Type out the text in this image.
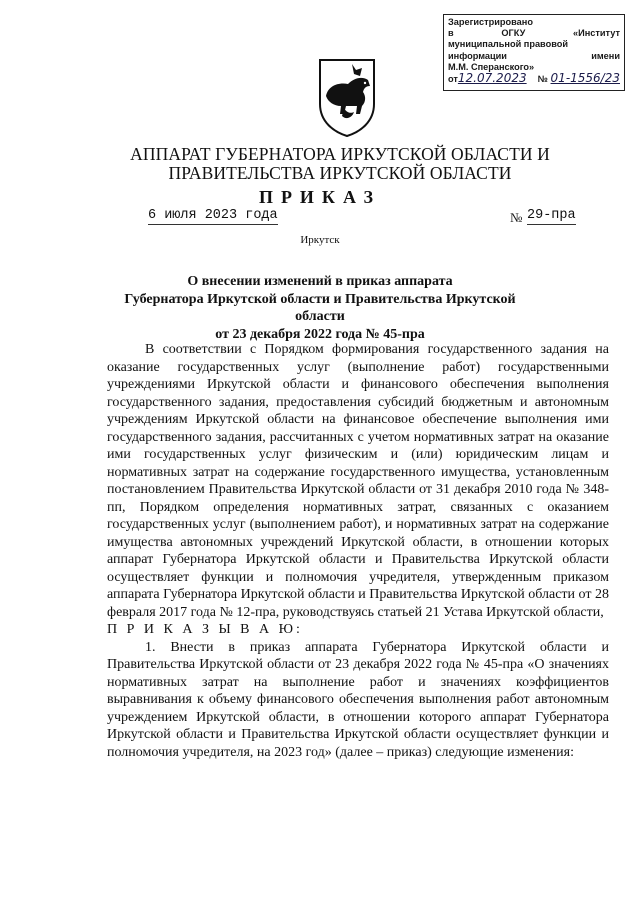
Зарегистрировано
в	ОГКУ	«Институт
муниципальной правовой
информации	имени
М.М. Сперанского»
от12.07.2023 № 01-1556/23
АППАРАТ ГУБЕРНАТОРА ИРКУТСКОЙ ОБЛАСТИ И
ПРАВИТЕЛЬСТВА ИРКУТСКОЙ ОБЛАСТИ
ПРИКАЗ
6 июля 2023 года	№ 29-пра
Иркутск
О внесении изменений в приказ аппарата
Губернатора Иркутской области и Правительства Иркутской области
от 23 декабря 2022 года № 45-пра

В соответствии с Порядком формирования государственного задания на оказание государственных услуг (выполнение работ) государственными учреждениями Иркутской области и финансового обеспечения выполнения государственного задания, предоставления субсидий бюджетным и автономным учреждениям Иркутской области на финансовое обеспечение выполнения ими государственного задания, рассчитанных с учетом нормативных затрат на оказание ими государственных услуг физическим и (или) юридическим лицам и нормативных затрат на содержание государственного имущества, установленным постановлением Правительства Иркутской области от 31 декабря 2010 года № 348-пп, Порядком определения нормативных затрат, связанных с оказанием государственных услуг (выполнением работ), и нормативных затрат на содержание имущества автономных учреждений Иркутской области, в отношении которых аппарат Губернатора Иркутской области и Правительства Иркутской области осуществляет функции и полномочия учредителя, утвержденным приказом аппарата Губернатора Иркутской области и Правительства Иркутской области от 28 февраля 2017 года № 12-пра, руководствуясь статьей 21 Устава Иркутской области,

П Р И К А З Ы В А Ю:

1. Внести в приказ аппарата Губернатора Иркутской области и Правительства Иркутской области от 23 декабря 2022 года № 45-пра «О значениях нормативных затрат на выполнение работ и значениях коэффициентов выравнивания к объему финансового обеспечения выполнения работ автономным учреждением Иркутской области, в отношении которого аппарат Губернатора Иркутской области и Правительства Иркутской области осуществляет функции и полномочия учредителя, на 2023 год» (далее – приказ) следующие изменения:
